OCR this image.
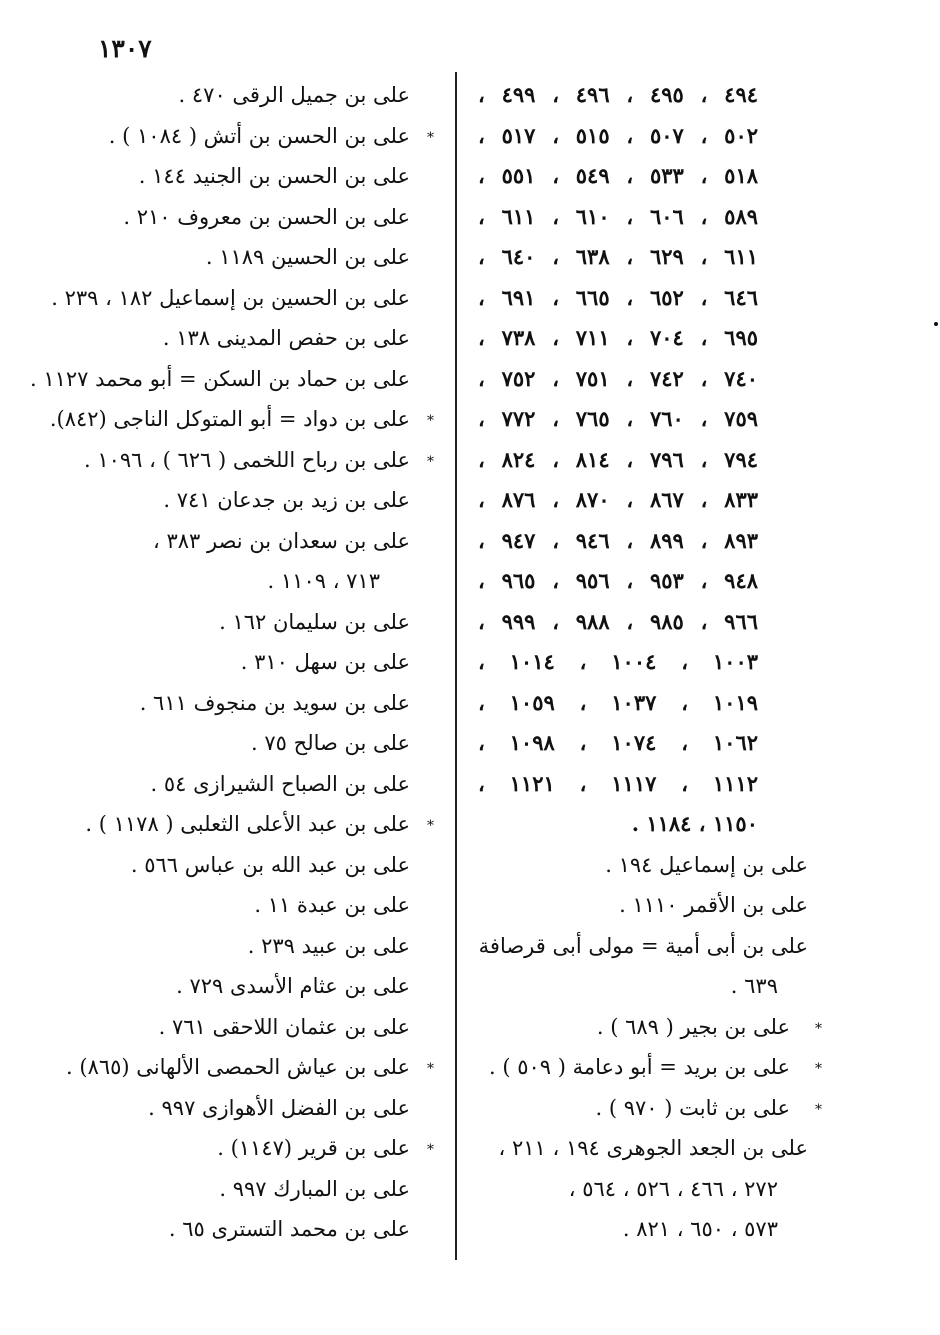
١٣٠٧
٤٩٤ ، ٤٩٥ ، ٤٩٦ ، ٤٩٩ ،
٥٠٢ ، ٥٠٧ ، ٥١٥ ، ٥١٧ ،
٥١٨ ، ٥٣٣ ، ٥٤٩ ، ٥٥١ ،
٥٨٩ ، ٦٠٦ ، ٦١٠ ، ٦١١ ،
٦١١ ، ٦٢٩ ، ٦٣٨ ، ٦٤٠ ،
٦٤٦ ، ٦٥٢ ، ٦٦٥ ، ٦٩١ ،
٦٩٥ ، ٧٠٤ ، ٧١١ ، ٧٣٨ ،
٧٤٠ ، ٧٤٢ ، ٧٥١ ، ٧٥٢ ،
٧٥٩ ، ٧٦٠ ، ٧٦٥ ، ٧٧٢ ،
٧٩٤ ، ٧٩٦ ، ٨١٤ ، ٨٢٤ ،
٨٣٣ ، ٨٦٧ ، ٨٧٠ ، ٨٧٦ ،
٨٩٣ ، ٨٩٩ ، ٩٤٦ ، ٩٤٧ ،
٩٤٨ ، ٩٥٣ ، ٩٥٦ ، ٩٦٥ ،
٩٦٦ ، ٩٨٥ ، ٩٨٨ ، ٩٩٩ ،
١٠٠٣ ، ١٠٠٤ ، ١٠١٤ ،
١٠١٩ ، ١٠٣٧ ، ١٠٥٩ ،
١٠٦٢ ، ١٠٧٤ ، ١٠٩٨ ،
١١١٢ ، ١١١٧ ، ١١٢١ ،
١١٥٠ ، ١١٨٤ .
على بن إسماعيل ١٩٤ .
على بن الأقمر ١١١٠ .
على بن أبى أمية = مولى أبى قرصافة
٦٣٩ .
*
على بن بجير ( ٦٨٩ ) .
*
على بن بريد = أبو دعامة ( ٥٠٩ ) .
*
على بن ثابت ( ٩٧٠ ) .
على بن الجعد الجوهرى ١٩٤ ، ٢١١ ،
٢٧٢ ، ٤٦٦ ، ٥٢٦ ، ٥٦٤ ،
٥٧٣ ، ٦٥٠ ، ٨٢١ .
على بن جميل الرقى ٤٧٠ .
*
على بن الحسن بن أتش ( ١٠٨٤ ) .
على بن الحسن بن الجنيد ١٤٤ .
على بن الحسن بن معروف ٢١٠ .
على بن الحسين ١١٨٩ .
على بن الحسين بن إسماعيل ١٨٢ ، ٢٣٩ .
على بن حفص المدينى ١٣٨ .
على بن حماد بن السكن = أبو محمد ١١٢٧ .
*
على بن دواد = أبو المتوكل الناجى (٨٤٢).
*
على بن رباح اللخمى ( ٦٢٦ ) ، ١٠٩٦ .
على بن زيد بن جدعان ٧٤١ .
على بن سعدان بن نصر ٣٨٣ ،
٧١٣ ، ١١٠٩ .
على بن سليمان ١٦٢ .
على بن سهل ٣١٠ .
على بن سويد بن منجوف ٦١١ .
على بن صالح ٧٥ .
على بن الصباح الشيرازى ٥٤ .
*
على بن عبد الأعلى الثعلبى ( ١١٧٨ ) .
على بن عبد الله بن عباس ٥٦٦ .
على بن عبدة ١١ .
على بن عبيد ٢٣٩ .
على بن عثام الأسدى ٧٢٩ .
على بن عثمان اللاحقى ٧٦١ .
*
على بن عياش الحمصى الألهانى (٨٦٥) .
على بن الفضل الأهوازى ٩٩٧ .
*
على بن قرير (١١٤٧) .
على بن المبارك ٩٩٧ .
على بن محمد التسترى ٦٥ .
